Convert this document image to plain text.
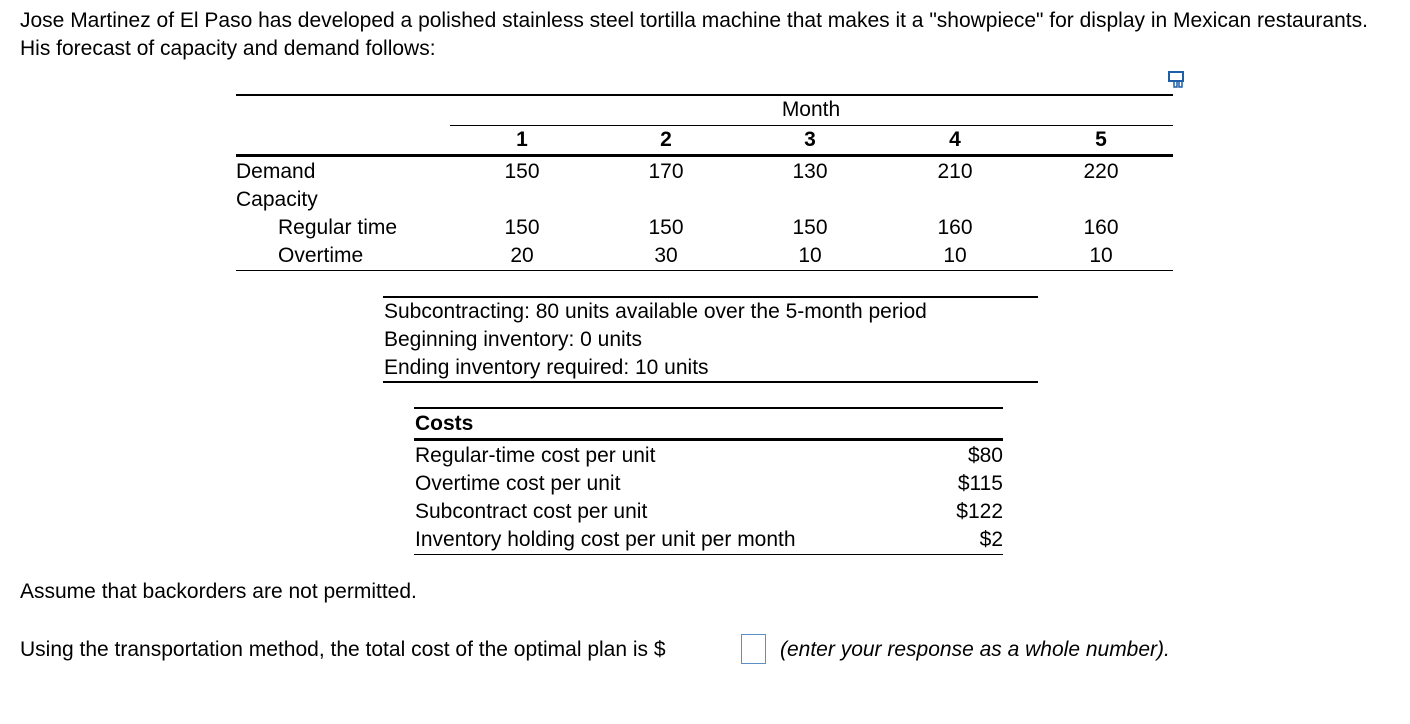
Jose Martinez of El Paso has developed a polished stainless steel tortilla machine that makes it a "showpiece" for display in Mexican restaurants. His forecast of capacity and demand follows:
Month
1	2	3	4	5
Demand	150	170	130	210	220
Capacity
Regular time	150	150	150	160	160
Overtime	20	30	10	10	10
Subcontracting: 80 units available over the 5-month period
Beginning inventory: 0 units
Ending inventory required: 10 units
Costs
Regular-time cost per unit	$80
Overtime cost per unit	$115
Subcontract cost per unit	$122
Inventory holding cost per unit per month	$2
Assume that backorders are not permitted.
Using the transportation method, the total cost of the optimal plan is $	(enter your response as a whole number).
